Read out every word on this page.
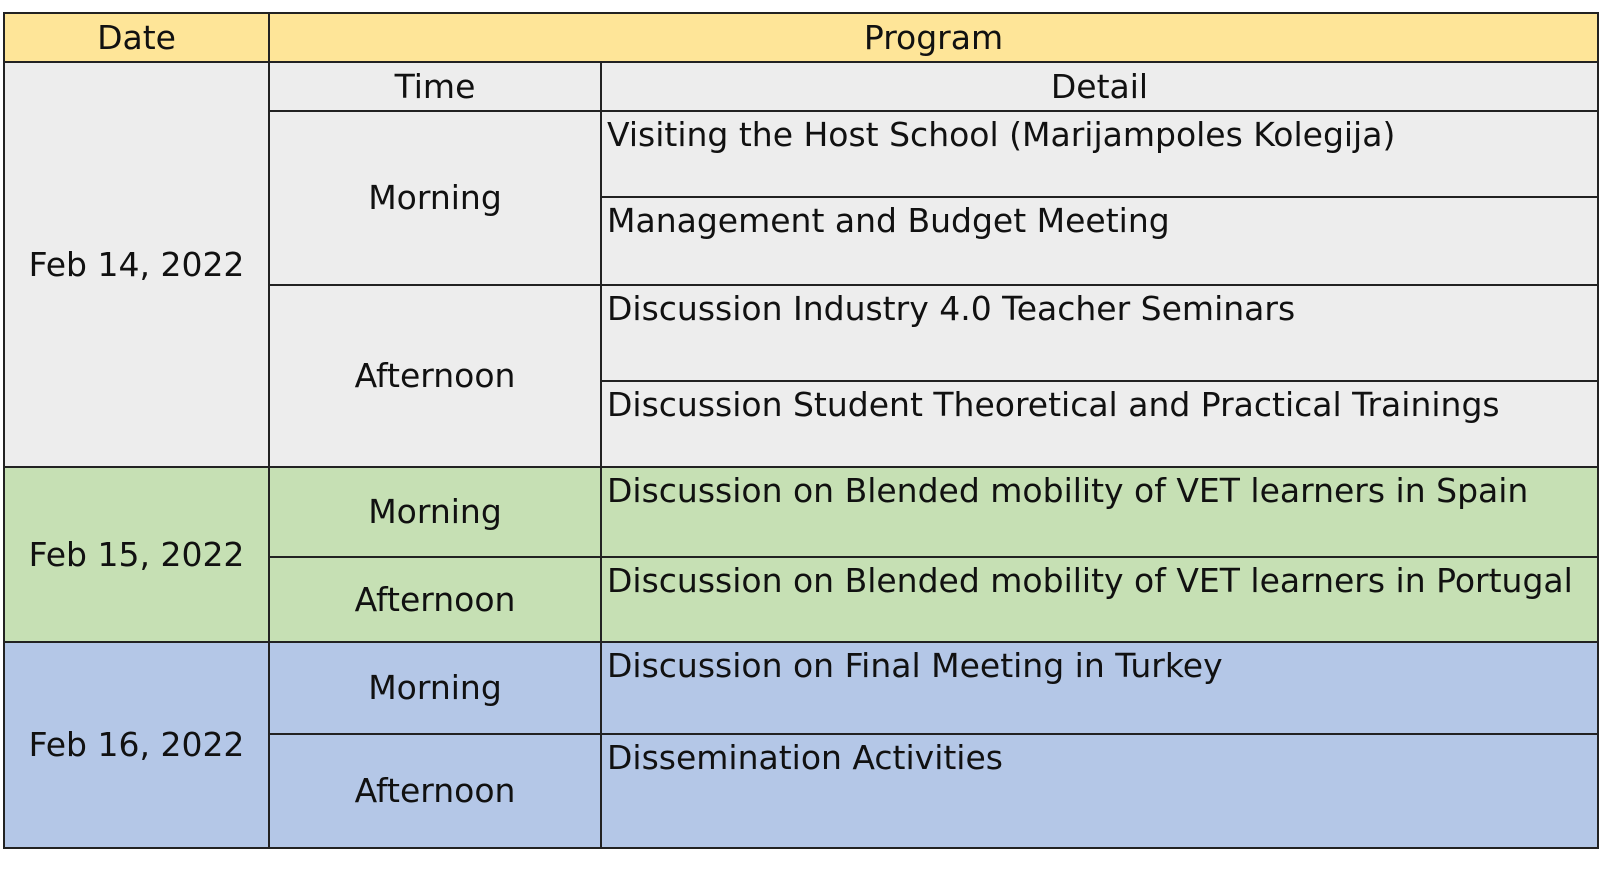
Date	Program	
Feb 14, 2022	Time	Detail
	Morning	Visiting the Host School (Marijampoles Kolegija)
		Management and Budget Meeting
	Afternoon	Discussion Industry 4.0 Teacher Seminars
		Discussion Student Theoretical and Practical Trainings
Feb 15, 2022	Morning	Discussion on Blended mobility of VET learners in Spain
	Afternoon	Discussion on Blended mobility of VET learners in Portugal
Feb 16, 2022	Morning	Discussion on Final Meeting in Turkey
	Afternoon	Dissemination Activities
